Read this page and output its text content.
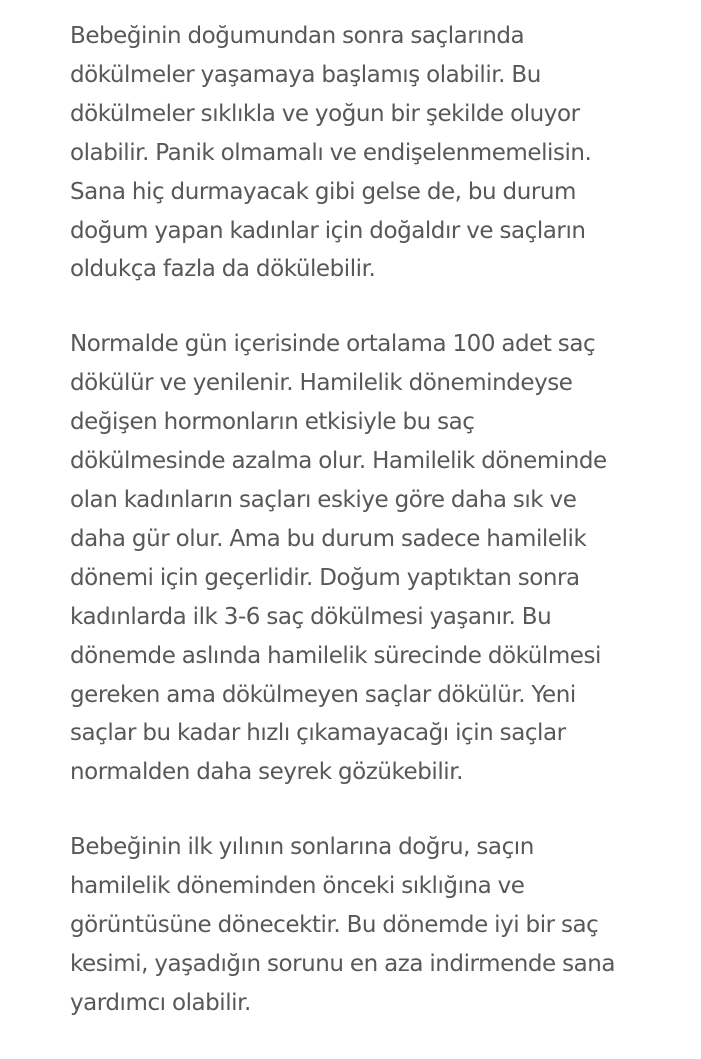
Bebeğinin doğumundan sonra saçlarında
dökülmeler yaşamaya başlamış olabilir. Bu
dökülmeler sıklıkla ve yoğun bir şekilde oluyor
olabilir. Panik olmamalı ve endişelenmemelisin.
Sana hiç durmayacak gibi gelse de, bu durum
doğum yapan kadınlar için doğaldır ve saçların
oldukça fazla da dökülebilir.

Normalde gün içerisinde ortalama 100 adet saç
dökülür ve yenilenir. Hamilelik dönemindeyse
değişen hormonların etkisiyle bu saç
dökülmesinde azalma olur. Hamilelik döneminde
olan kadınların saçları eskiye göre daha sık ve
daha gür olur. Ama bu durum sadece hamilelik
dönemi için geçerlidir. Doğum yaptıktan sonra
kadınlarda ilk 3-6 saç dökülmesi yaşanır. Bu
dönemde aslında hamilelik sürecinde dökülmesi
gereken ama dökülmeyen saçlar dökülür. Yeni
saçlar bu kadar hızlı çıkamayacağı için saçlar
normalden daha seyrek gözükebilir.

Bebeğinin ilk yılının sonlarına doğru, saçın
hamilelik döneminden önceki sıklığına ve
görüntüsüne dönecektir. Bu dönemde iyi bir saç
kesimi, yaşadığın sorunu en aza indirmende sana
yardımcı olabilir.
